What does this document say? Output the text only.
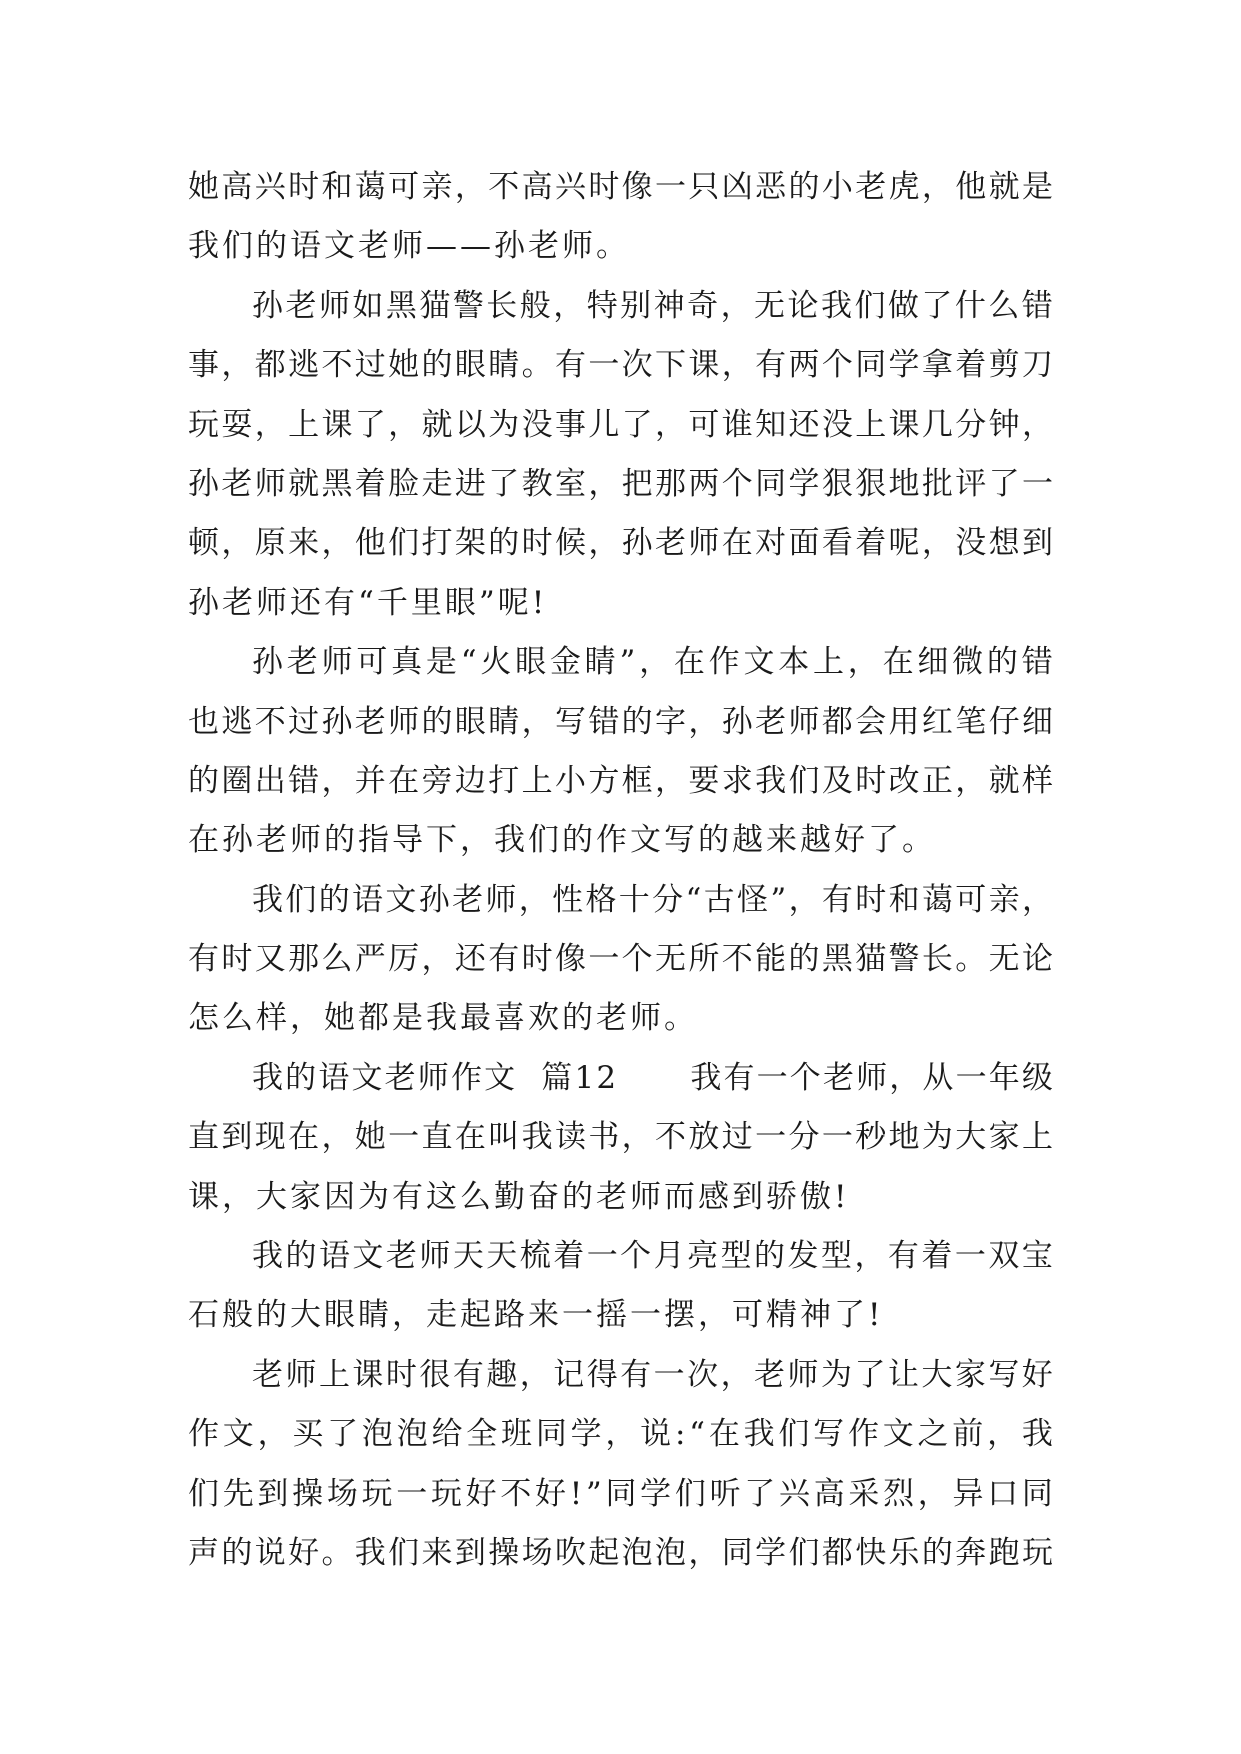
她 高 兴 时 和 蔼 可 亲 ， 不 高 兴 时 像 一 只 凶 恶 的 小 老 虎 ， 他 就 是
我们的语文老师——孙老师。
孙 老 师 如 黑 猫 警 长 般 ， 特 别 神 奇 ， 无 论 我 们 做 了 什 么 错
事 ， 都 逃 不 过 她 的 眼 睛 。 有 一 次 下 课 ， 有 两 个 同 学 拿 着 剪 刀
玩 耍 ， 上 课 了 ， 就 以 为 没 事 儿 了 ， 可 谁 知 还 没 上 课 几 分 钟 ，
孙 老 师 就 黑 着 脸 走 进 了 教 室 ， 把 那 两 个 同 学 狠 狠 地 批 评 了 一
顿 ， 原 来 ， 他 们 打 架 的 时 候 ， 孙 老 师 在 对 面 看 着 呢 ， 没 想 到
孙老师还有“千里眼”呢!
孙 老 师 可 真 是 “ 火 眼 金 睛 ” ， 在 作 文 本 上 ， 在 细 微 的 错
也 逃 不 过 孙 老 师 的 眼 睛 ， 写 错 的 字 ， 孙 老 师 都 会 用 红 笔 仔 细
的 圈 出 错 ， 并 在 旁 边 打 上 小 方 框 ， 要 求 我 们 及 时 改 正 ， 就 样
在孙老师的指导下，我们的作文写的越来越好了。
我 们 的 语 文 孙 老 师 ， 性 格 十 分 “ 古 怪 ” ， 有 时 和 蔼 可 亲 ，
有 时 又 那 么 严 厉 ， 还 有 时 像 一 个 无 所 不 能 的 黑 猫 警 长 。 无 论
怎么样，她都是我最喜欢的老师。
我 的 语 文 老 师 作 文

篇 1 2

我 有 一 个 老 师 ， 从 一 年 级
直 到 现 在 ， 她 一 直 在 叫 我 读 书 ， 不 放 过 一 分 一 秒 地 为 大 家 上
课，大家因为有这么勤奋的老师而感到骄傲!
我 的 语 文 老 师 天 天 梳 着 一 个 月 亮 型 的 发 型 ， 有 着 一 双 宝
石般的大眼睛，走起路来一摇一摆，可精神了!
老 师 上 课 时 很 有 趣 ， 记 得 有 一 次 ， 老 师 为 了 让 大 家 写 好
作 文 ， 买 了 泡 泡 给 全 班 同 学 ， 说 : “ 在 我 们 写 作 文 之 前 ， 我
们 先 到 操 场 玩 一 玩 好 不 好 ! ” 同 学 们 听 了 兴 高 采 烈 ， 异 口 同
声 的 说 好 。 我 们 来 到 操 场 吹 起 泡 泡 ， 同 学 们 都 快 乐 的 奔 跑 玩
